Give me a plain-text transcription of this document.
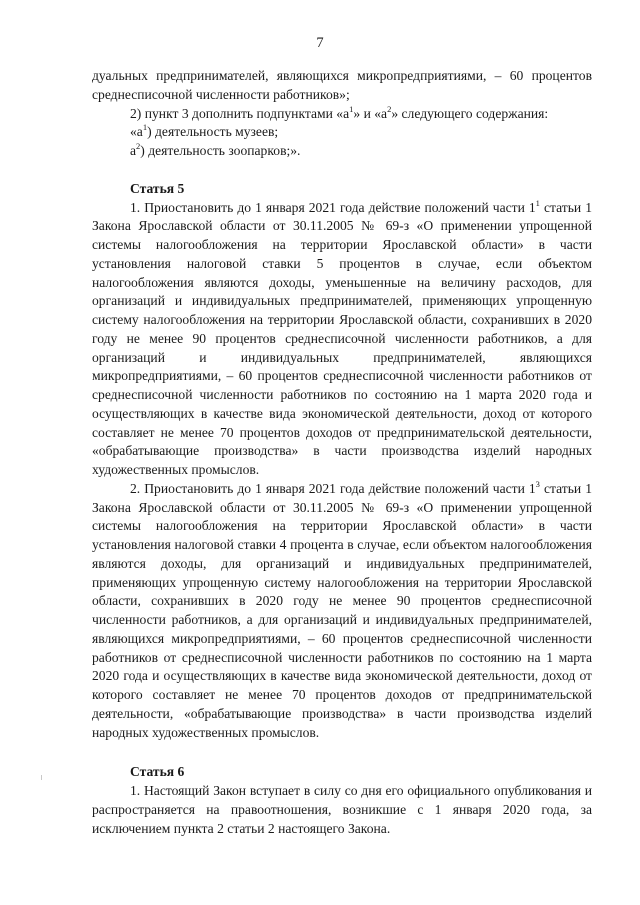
7

дуальных предпринимателей, являющихся микропредприятиями, – 60 процентов среднесписочной численности работников»;

2) пункт 3 дополнить подпунктами «$а^1$» и «$а^2$» следующего содержания:

«$а^1$) деятельность музеев;

$а^2$) деятельность зоопарков;».

Статья 5

1. Приостановить до 1 января 2021 года действие положений части $1^1$ статьи 1 Закона Ярославской области от 30.11.2005 № 69-з «О применении упрощенной системы налогообложения на территории Ярославской области» в части установления налоговой ставки 5 процентов в случае, если объектом налогообложения являются доходы, уменьшенные на величину расходов, для организаций и индивидуальных предпринимателей, применяющих упрощенную систему налогообложения на территории Ярославской области, сохранивших в 2020 году не менее 90 процентов среднесписочной численности работников, а для организаций и индивидуальных предпринимателей, являющихся микропредприятиями, – 60 процентов среднесписочной численности работников от среднесписочной численности работников по состоянию на 1 марта 2020 года и осуществляющих в качестве вида экономической деятельности, доход от которого составляет не менее 70 процентов доходов от предпринимательской деятельности, «обрабатывающие производства» в части производства изделий народных художественных промыслов.

2. Приостановить до 1 января 2021 года действие положений части $1^3$ статьи 1 Закона Ярославской области от 30.11.2005 № 69-з «О применении упрощенной системы налогообложения на территории Ярославской области» в части установления налоговой ставки 4 процента в случае, если объектом налогообложения являются доходы, для организаций и индивидуальных предпринимателей, применяющих упрощенную систему налогообложения на территории Ярославской области, сохранивших в 2020 году не менее 90 процентов среднесписочной численности работников, а для организаций и индивидуальных предпринимателей, являющихся микропредприятиями, – 60 процентов среднесписочной численности работников от среднесписочной численности работников по состоянию на 1 марта 2020 года и осуществляющих в качестве вида экономической деятельности, доход от которого составляет не менее 70 процентов доходов от предпринимательской деятельности, «обрабатывающие производства» в части производства изделий народных художественных промыслов.

Статья 6

1. Настоящий Закон вступает в силу со дня его официального опубликования и распространяется на правоотношения, возникшие с 1 января 2020 года, за исключением пункта 2 статьи 2 настоящего Закона.
